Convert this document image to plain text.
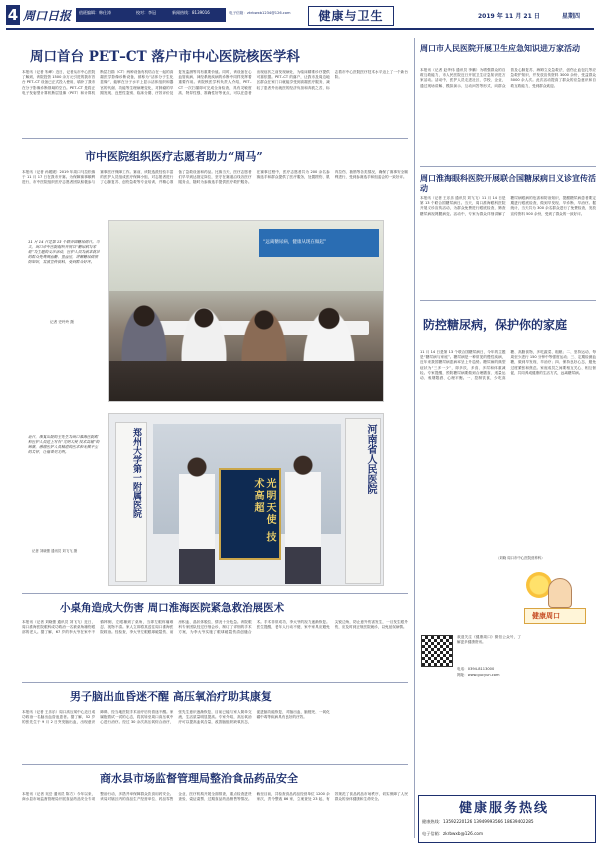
4 周口日报 值班编辑：韩仕涛	校对：李冠	新闻热线：8139016	电子信箱：zkrbwxb1234@126.com	健康与卫生	2019 年 11 月 21 日	星期四
周口首台 PET–CT 落户市中心医院核医学科
本报讯（记者 朱峰）近日，记者从市中心医院了解到，该院投资 1500 余万元引进的我市首台 PET–CT 设备已正式投入使用，填补了我市在分子影像诊断领域的空白。PET–CT 是将正电子发射型计算机断层显像（PET）和计算机断层扫描（CT）两种设备有机结合在一起的高端医学影像诊断设备，被称为“活体分子生化显像”，能够在分子水平上显示活体组织和器官的代谢、功能等生理病理变化，对肿瘤的早期发现、良恶性鉴别、临床分期、疗效评价及复发监测等具有重要价值。同时，该设备在心血管疾病、神经系统疾病的诊断中同样发挥着重要作用。该院核医学科负责人介绍，PET–CT 一次扫描即可完成全身检查，具有灵敏度高、特异性强、准确性好等优点，可以在患者出现症状之前发现病灶，为临床精准诊疗提供可靠依据。PET–CT 的落户，让我市及周边地区群众在家门口就能享受到高端医疗服务，减轻了患者外出就医的经济负担和奔波之苦，标志着市中心医院医疗技术水平迈上了一个新台阶。
市中医院组织医疗志愿者助力“周马”
本报讯（记者 孙媛媛）2019 年周口马拉松赛于 11 月 17 日在我市开赛。为保障赛事顺利进行，市中医院组织医疗志愿者团队积极参与赛事医疗保障工作。赛前，该院选派经验丰富的医护人员组成医疗保障小组，对志愿者进行了心肺复苏、创伤急救等专业培训，并精心准备了急救设备和药品。比赛当天，医疗志愿者们早早到达指定岗位，坚守在赛道沿线各医疗服务点，随时为参赛选手提供医疗救护服务。在赛事过程中，医疗志愿者共为 200 余名参赛选手和群众提供了医疗服务，处置擦伤、肌肉拉伤、抽筋等各类情况，确保了赛事安全顺利进行，受到参赛选手和组委会的一致好评。
“远离糖尿病，健康从现在做起”
11 月 14 日是第 13 个联合国糖尿病日。当天，周口市中医院组织开展以“糖尿病与家庭”为主题的义诊活动，医护人员为前来就诊的群众免费测血糖、量血压，讲解糖尿病预防知识，发放宣传资料，受到群众好评。
记者 史玲玲 摄
郑州大学第一附属医院	河南省人民医院
光明天使 技术高超
近日，康复出院的王先生为周口淮海医院眼科医护人员送上写有“光明天使 技术高超”的锦旗，感谢医护人员精湛的医术和无微不至的关怀，让他重见光明。
记者 刘晓蕾 通讯员 刘飞飞 摄
小桌角造成大伤害 周口淮海医院紧急救治展医术
本报讯（记者 刘晓蕾 通讯员 刘飞飞）近日，周口淮海医院眼科成功救治一名被桌角撞伤眼部的老人。据了解，67 岁的李大爷在家中不慎摔倒，左眼撞到了桌角，当即左眼疼痛难忍、视物不清。家人立即将其送往周口淮海医院救治。经检查，李大爷左眼眼球破裂伤、前房积血、晶状体脱位，情况十分危急。该院眼科专家团队经过仔细会诊，制订了详细的手术方案，为李大爷实施了眼球破裂伤清创缝合术。手术非常成功，李大爷的视力逐渐恢复。医生提醒，老年人行动不便，家中家具应避免尖锐边角，防止意外伤害发生，一旦发生眼外伤，应及时到正规医院就诊，以免延误病情。
男子脑出血昏迷不醒 高压氧治疗助其康复
本报讯（记者 王乐乐）周口高压氧中心近日成功救治一名脑出血昏迷患者。据了解，52 岁的张先生于 9 月 2 日突发脑出血，出现意识障碍，经当地医院手术治疗后仍昏迷不醒。家属抱着试一试的心态，将其转至周口高压氧中心进行治疗。经过 30 余次高压氧综合治疗，张先生意识逐渐恢复，目前已能与家人简单交流，生活质量明显提高。专家介绍，高压氧治疗可以提高血氧含量，改善脑组织缺氧状态，促进脑功能恢复，对脑出血、脑梗死、一氧化碳中毒等疾病具有良好的疗效。
商水县市场监督管理局整治食品药品安全
本报讯（记者 吴岳 通讯员 陈方）今年以来，商水县市场监督管理局开展食品药品安全专项整治行动，多措并举保障群众饮食用药安全。该局对辖区内的食品生产经营单位、药品零售企业、医疗机构开展全面排查，重点检查进货查验、索证索票、过期食品药品销售等情况。截至目前，共检查食品药品经营单位 1200 余家次，责令整改 86 家，立案查处 23 起，有效规范了食品药品市场秩序，切实保障了人民群众的身体健康和生命安全。
周口市人民医院开展卫生应急知识进万家活动
本报讯（记者 赵华伟 通讯员 李鹏）为增强群众的自救互救能力，市人民医院近日开展卫生应急知识进万家活动。活动中，医护人员走进社区、学校、企业，通过现场讲解、模拟演示、互动问答等形式，向群众普及心肺复苏、海姆立克急救法、创伤止血包扎等应急救护知识，并发放宣传资料 3000 余份，受益群众 5000 余人次。此次活动提高了群众的应急意识和自救互救能力，受到群众欢迎。
周口淮海眼科医院开展联合国糖尿病日义诊宣传活动
本报讯（记者 王乐乐 通讯员 刘飞飞）11 月 14 日是第 13 个联合国糖尿病日。当天，周口淮海眼科医院开展义诊宣传活动，为群众免费进行眼底检查，筛查糖尿病视网膜病变。活动中，专家为群众详细讲解了糖尿病眼病的危害和防治知识，提醒糖尿病患者要定期进行眼底检查，做到早发现、早诊断、早治疗。据统计，当天共为 300 余名群众进行了免费检查，发放宣传资料 500 余份，受到了群众的一致好评。
防控糖尿病，保护你的家庭
11 月 14 日是第 13 个联合国糖尿病日，今年的主题是“糖尿病与家庭”。糖尿病是一种常见的慢性疾病，近年来我国糖尿病患病率呈上升趋势。糖尿病的典型症状为“三多一少”，即多饮、多食、多尿和体重减轻。专家提醒，预防糖尿病要做到合理膳食、适量运动、戒烟限酒、心理平衡。一、控制饮食，少吃高糖、高脂食物，多吃蔬菜、粗粮；二、坚持运动，每周至少进行 150 分钟中等强度运动；三、定期检测血糖，做到早发现、早治疗；四、保持良好心态，避免过度紧张和焦虑。家庭成员之间要相互关心、相互督促，共同养成健康的生活方式，远离糖尿病。
（刘晓 周口市中心医院营养科）
健康周口
欢迎关注《健康周口》微信公众号，了解更多健康资讯。
电话：0394-8113000
网址：www.gucyun.com
健康服务热线
健康热线： 13592220126 13949993566 18639402285
电子信箱： zkrbwxb@126.com
